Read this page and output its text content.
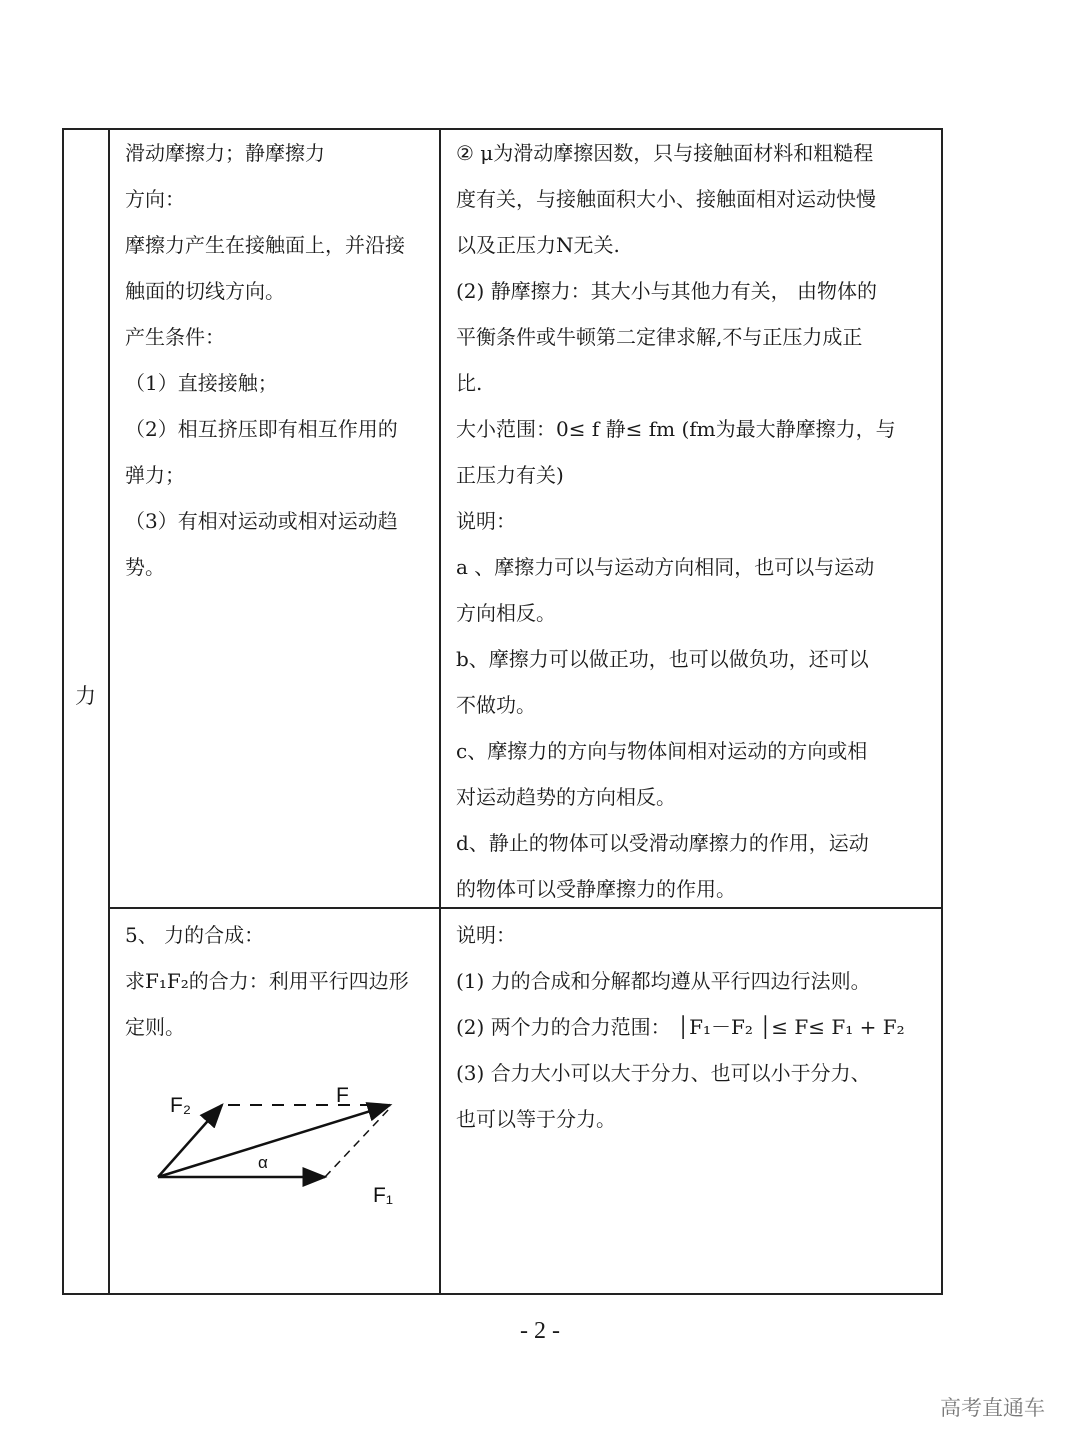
力
滑动摩擦力；静摩擦力
方向：
摩擦力产生在接触面上，并沿接
触面的切线方向。
产生条件：
（1）直接接触；
（2）相互挤压即有相互作用的
弹力；
（3）有相对运动或相对运动趋
势。
② μ为滑动摩擦因数，只与接触面材料和粗糙程
度有关，与接触面积大小、接触面相对运动快慢
以及正压力N无关.
(2) 静摩擦力：其大小与其他力有关， 由物体的
平衡条件或牛顿第二定律求解,不与正压力成正
比.
大小范围：0≤ f 静≤ fm (fm为最大静摩擦力，与
正压力有关)
说明：
a 、摩擦力可以与运动方向相同，也可以与运动
方向相反。
b、摩擦力可以做正功，也可以做负功，还可以
不做功。
c、摩擦力的方向与物体间相对运动的方向或相
对运动趋势的方向相反。
d、静止的物体可以受滑动摩擦力的作用，运动
的物体可以受静摩擦力的作用。
5、 力的合成：
求F₁F₂的合力：利用平行四边形
定则。
说明：
(1) 力的合成和分解都均遵从平行四边行法则。
(2) 两个力的合力范围： │F₁－F₂ │≤ F≤ F₁ + F₂
(3) 合力大小可以大于分力、也可以小于分力、
也可以等于分力。
F₂	F
α
F₁
- 2 -
高考直通车
